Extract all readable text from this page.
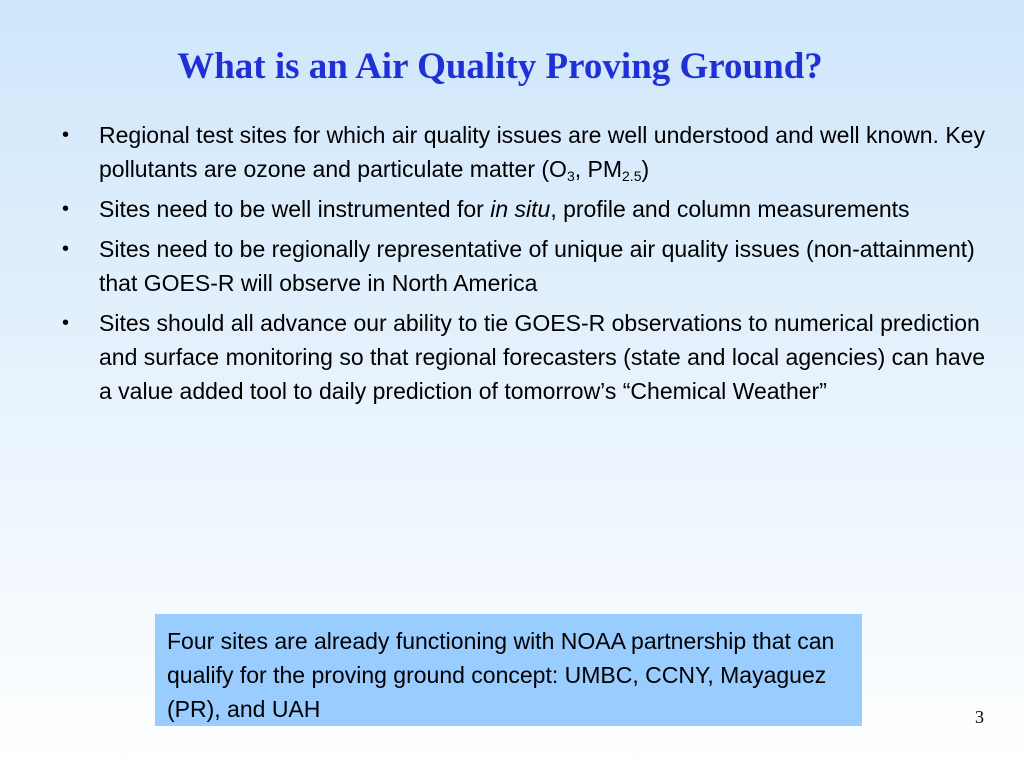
What is an Air Quality Proving Ground?
• Regional test sites for which air quality issues are well understood and well known. Key pollutants are ozone and particulate matter ($O_3$, $PM_{2.5}$)
• Sites need to be well instrumented for in situ, profile and column measurements
• Sites need to be regionally representative of unique air quality issues (non-attainment) that GOES-R will observe in North America
• Sites should all advance our ability to tie GOES-R observations to numerical prediction and surface monitoring so that regional forecasters (state and local agencies) can have a value added tool to daily prediction of tomorrow’s “Chemical Weather”
Four sites are already functioning with NOAA partnership that can qualify for the proving ground concept: UMBC, CCNY, Mayaguez (PR), and UAH	3
